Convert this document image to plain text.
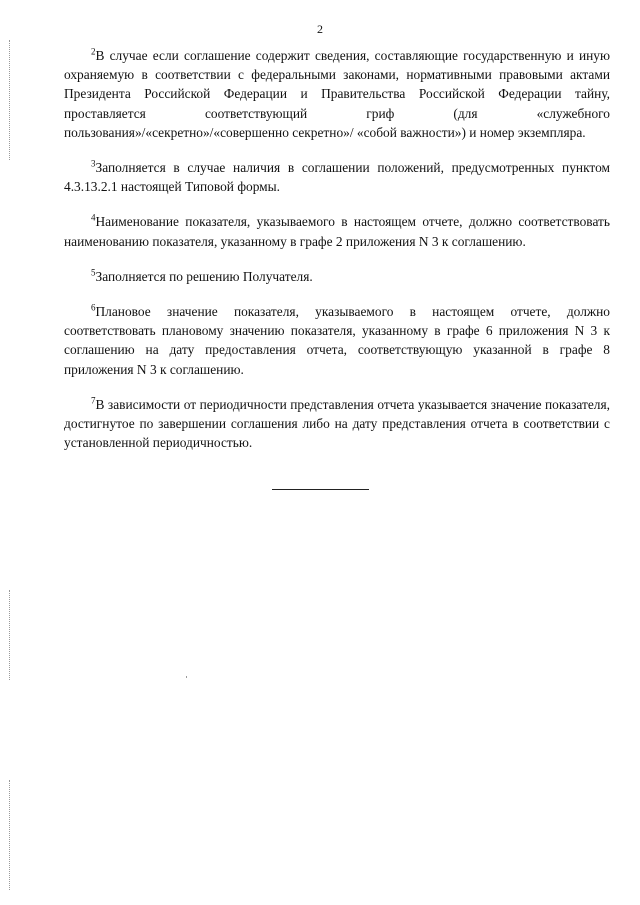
2
$^2$В случае если соглашение содержит сведения, составляющие государственную и иную охраняемую в соответствии с федеральными законами, нормативными правовыми актами Президента Российской Федерации и Правительства Российской Федерации тайну, проставляется соответствующий гриф (для «служебного пользования»/«секретно»/«совершенно секретно»/ «собой важности») и номер экземпляра.
$^3$Заполняется в случае наличия в соглашении положений, предусмотренных пунктом 4.3.13.2.1 настоящей Типовой формы.
$^4$Наименование показателя, указываемого в настоящем отчете, должно соответствовать наименованию показателя, указанному в графе 2 приложения N 3 к соглашению.
$^5$Заполняется по решению Получателя.
$^6$Плановое значение показателя, указываемого в настоящем отчете, должно соответствовать плановому значению показателя, указанному в графе 6 приложения N 3 к соглашению на дату предоставления отчета, соответствующую указанной в графе 8 приложения N 3 к соглашению.
$^7$В зависимости от периодичности представления отчета указывается значение показателя, достигнутое по завершении соглашения либо на дату представления отчета в соответствии с установленной периодичностью.
